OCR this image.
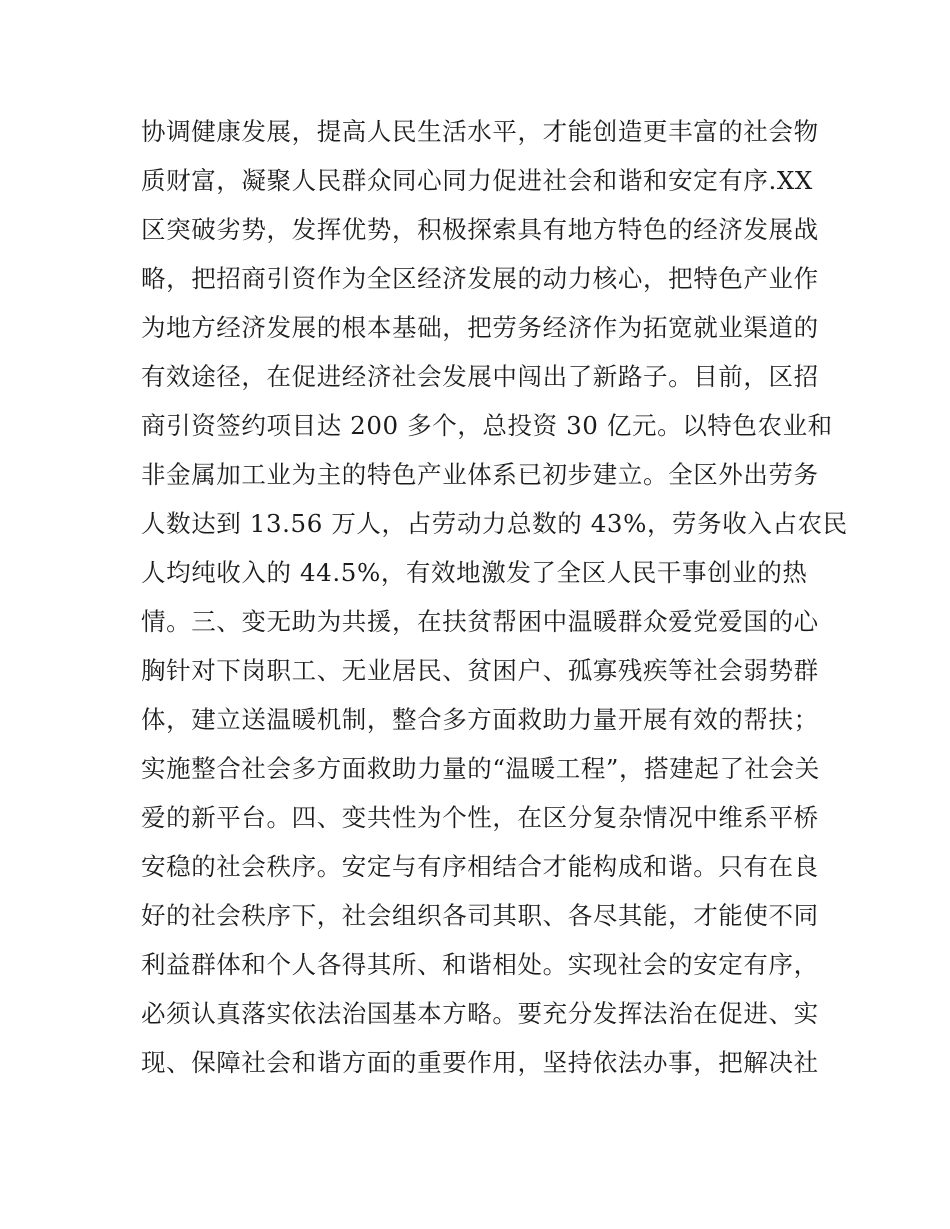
协调健康发展，提高人民生活水平，才能创造更丰富的社会物
质财富，凝聚人民群众同心同力促进社会和谐和安定有序.XX
区突破劣势，发挥优势，积极探索具有地方特色的经济发展战
略，把招商引资作为全区经济发展的动力核心，把特色产业作
为地方经济发展的根本基础，把劳务经济作为拓宽就业渠道的
有效途径，在促进经济社会发展中闯出了新路子。目前，区招
商引资签约项目达 200 多个，总投资 30 亿元。以特色农业和
非金属加工业为主的特色产业体系已初步建立。全区外出劳务
人数达到 13.56 万人，占劳动力总数的 43%，劳务收入占农民
人均纯收入的 44.5%，有效地激发了全区人民干事创业的热
情。三、变无助为共援，在扶贫帮困中温暖群众爱党爱国的心
胸针对下岗职工、无业居民、贫困户、孤寡残疾等社会弱势群
体，建立送温暖机制，整合多方面救助力量开展有效的帮扶；
实施整合社会多方面救助力量的“温暖工程”，搭建起了社会关
爱的新平台。四、变共性为个性，在区分复杂情况中维系平桥
安稳的社会秩序。安定与有序相结合才能构成和谐。只有在良
好的社会秩序下，社会组织各司其职、各尽其能，才能使不同
利益群体和个人各得其所、和谐相处。实现社会的安定有序，
必须认真落实依法治国基本方略。要充分发挥法治在促进、实
现、保障社会和谐方面的重要作用，坚持依法办事，把解决社
